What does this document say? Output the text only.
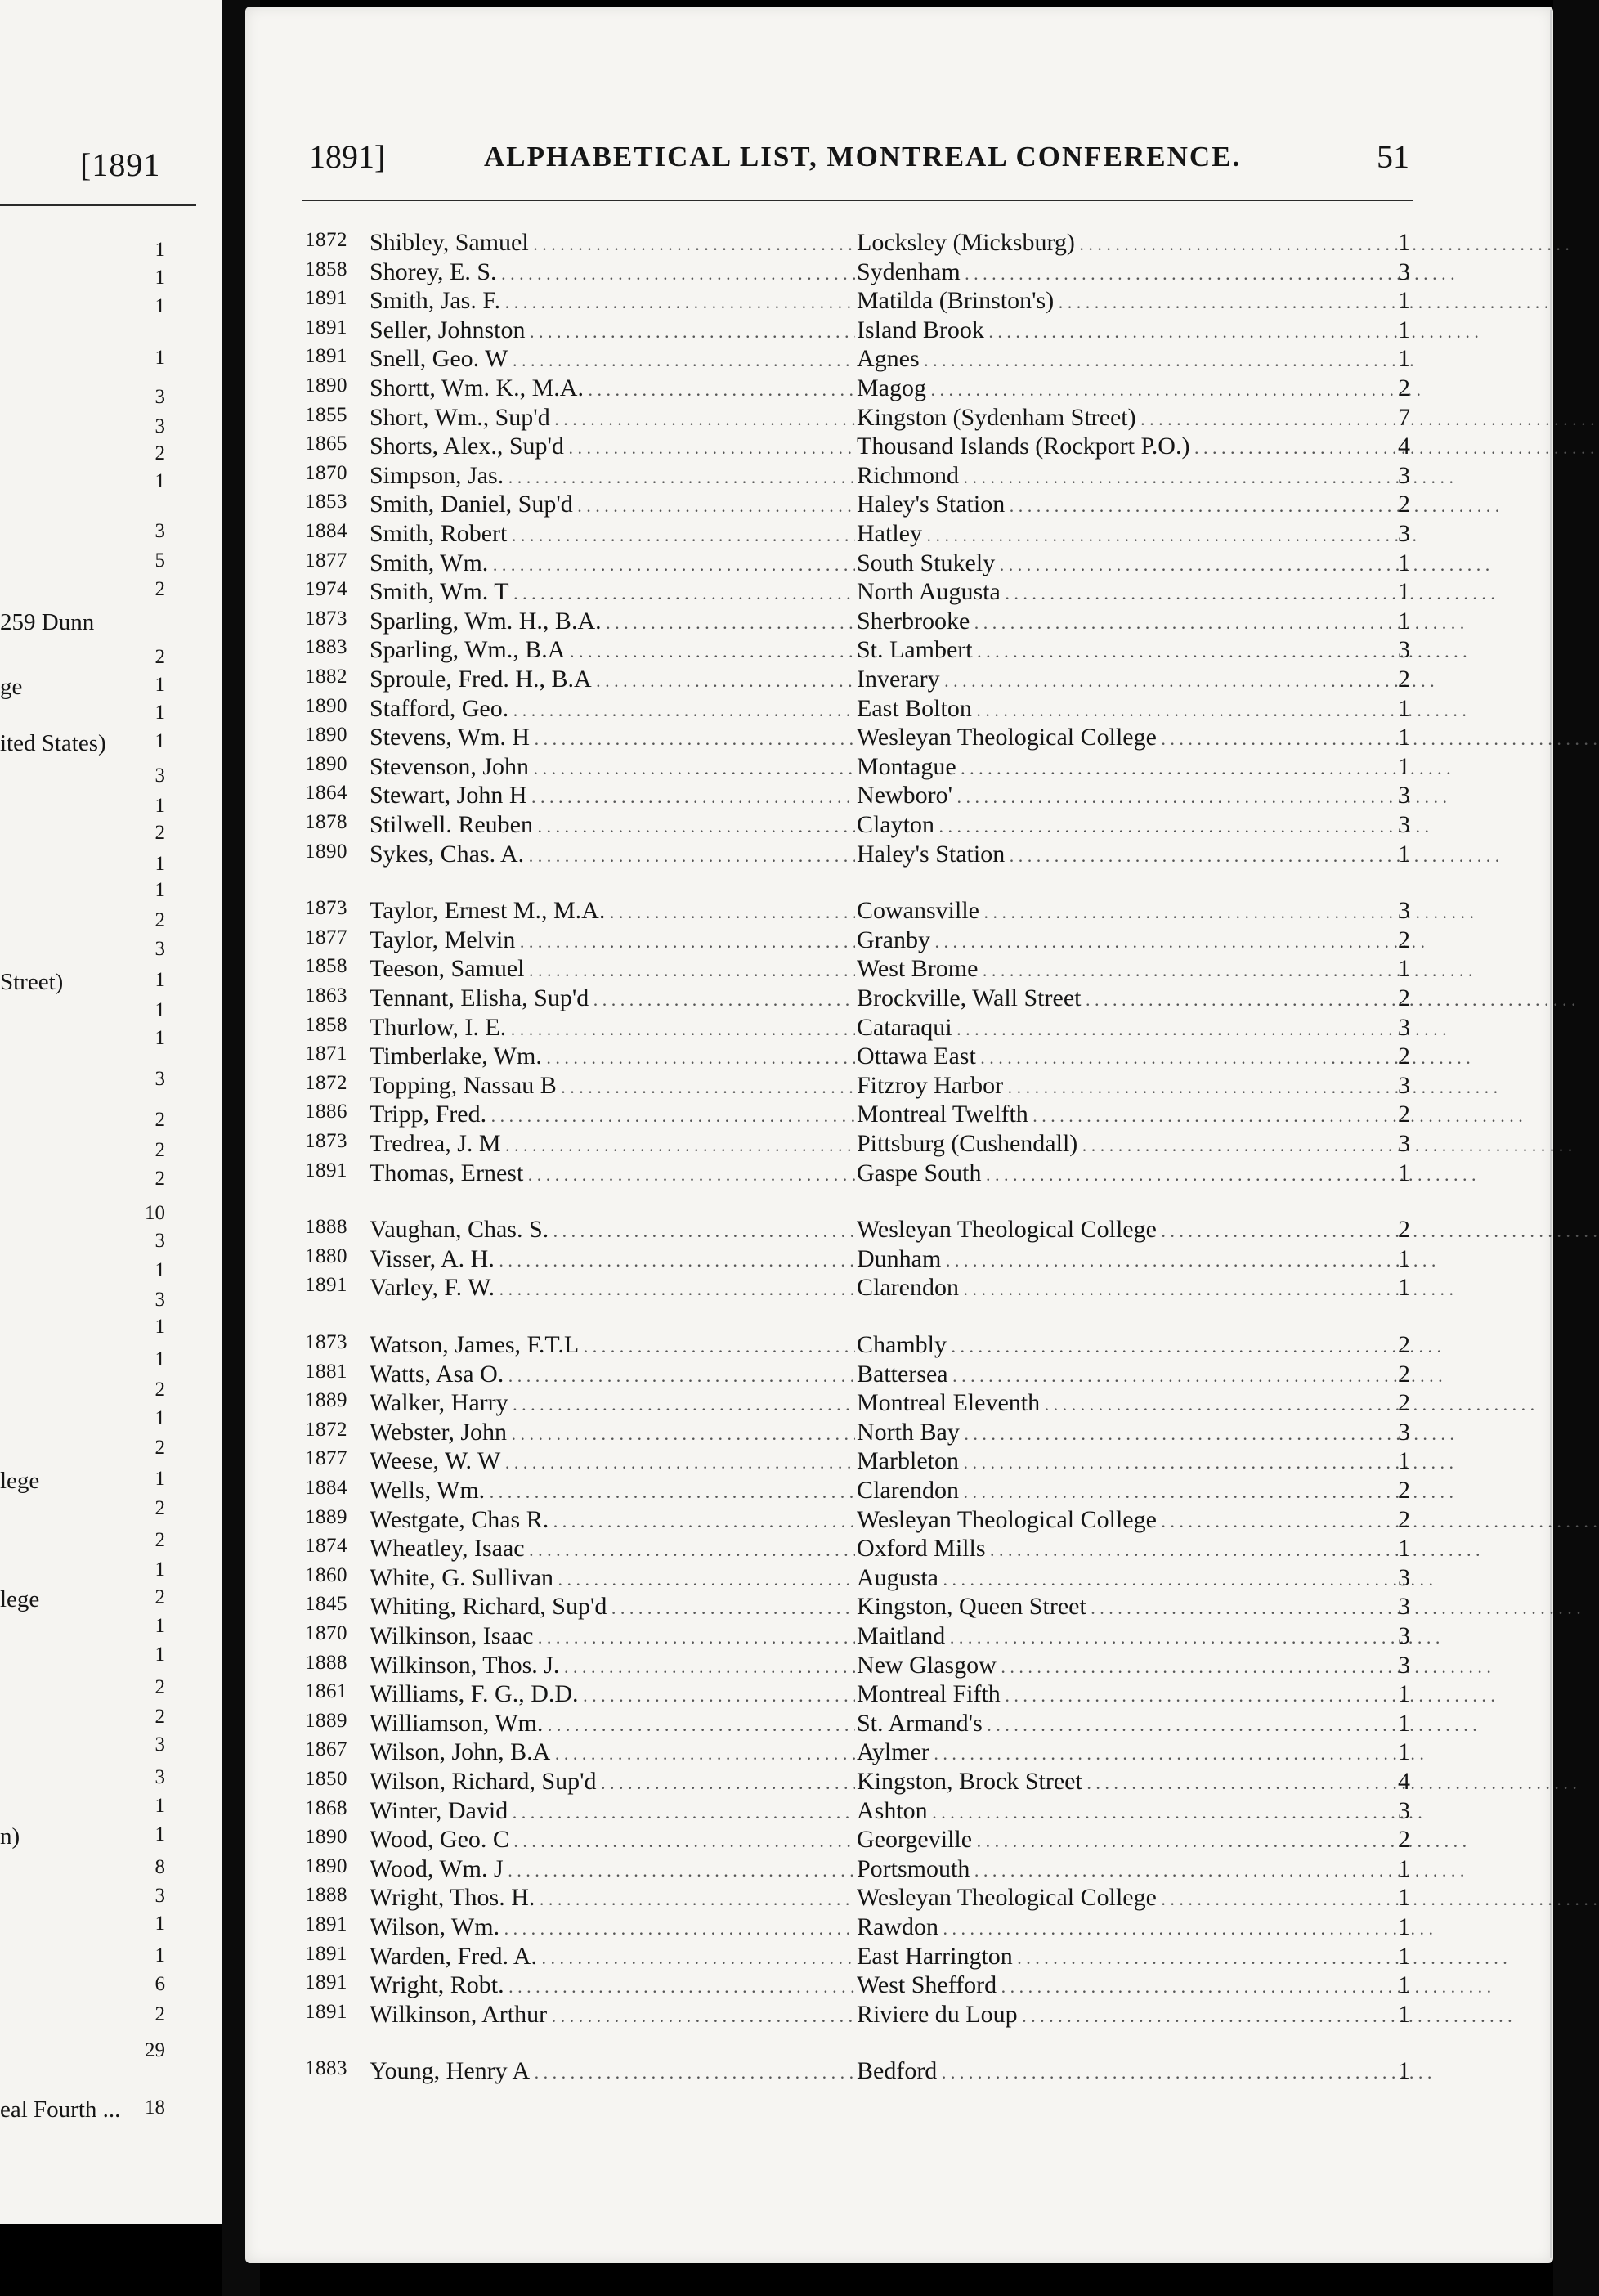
[1891
1
1
1
1
3
3
2
1
3
5
2
259 Dunn
2
ge	1
1
ited States) 1
3
1
2
1
1
2
3
Street)	1
1
1
3
2
2
2
10
3
1
3
1
1
2
1
2
lege	1
2
2
1
lege	2
1
1
2
2
3
3
1
n)	1
8
3
1
1
6
2
29
eal Fourth ... 18
1891]	ALPHABETICAL LIST, MONTREAL CONFERENCE.	51
1872 Shibley, Samuel . . .	Locksley (Micksburg) . . .	1
1858 Shorey, E. S. . . .	Sydenham . . .	3
1891 Smith, Jas. F. . . .	Matilda (Brinston's) . . .	1
1891 Seller, Johnston . . .	Island Brook . . .	1
1891 Snell, Geo. W . . .	Agnes . . .	1
1890 Shortt, Wm. K., M.A. . . .	Magog . . .	2
1855 Short, Wm., Sup'd . . .	Kingston (Sydenham Street) . . .	7
1865 Shorts, Alex., Sup'd . . .	Thousand Islands (Rockport P.O.) . . .	4
1870 Simpson, Jas. . . .	Richmond . . .	3
1853 Smith, Daniel, Sup'd . . .	Haley's Station . . .	2
1884 Smith, Robert . . .	Hatley . . .	3
1877 Smith, Wm. . . .	South Stukely . . .	1
1974 Smith, Wm. T . . .	North Augusta . . .	1
1873 Sparling, Wm. H., B.A. . . .	Sherbrooke . . .	1
1883 Sparling, Wm., B.A . . .	St. Lambert . . .	3
1882 Sproule, Fred. H., B.A . . .	Inverary . . .	2
1890 Stafford, Geo. . . .	East Bolton . . .	1
1890 Stevens, Wm. H . . .	Wesleyan Theological College . . .	1
1890 Stevenson, John . . .	Montague . . .	1
1864 Stewart, John H . . .	Newboro' . . .	3
1878 Stilwell. Reuben . . .	Clayton . . .	3
1890 Sykes, Chas. A. . . .	Haley's Station . . .	1
1873 Taylor, Ernest M., M.A. . . .	Cowansville . . .	3
1877 Taylor, Melvin . . .	Granby . . .	2
1858 Teeson, Samuel . . .	West Brome . . .	1
1863 Tennant, Elisha, Sup'd . . .	Brockville, Wall Street . . .	2
1858 Thurlow, I. E. . . .	Cataraqui . . .	3
1871 Timberlake, Wm. . . .	Ottawa East . . .	2
1872 Topping, Nassau B . . .	Fitzroy Harbor . . .	3
1886 Tripp, Fred. . . .	Montreal Twelfth . . .	2
1873 Tredrea, J. M . . .	Pittsburg (Cushendall) . . .	3
1891 Thomas, Ernest . . .	Gaspe South . . .	1
1888 Vaughan, Chas. S. . . .	Wesleyan Theological College . . .	2
1880 Visser, A. H. . . .	Dunham . . .	1
1891 Varley, F. W. . . .	Clarendon . . .	1
1873 Watson, James, F.T.L . . .	Chambly . . .	2
1881 Watts, Asa O. . . .	Battersea . . .	2
1889 Walker, Harry . . .	Montreal Eleventh . . .	2
1872 Webster, John . . .	North Bay . . .	3
1877 Weese, W. W . . .	Marbleton . . .	1
1884 Wells, Wm. . . .	Clarendon . . .	2
1889 Westgate, Chas R. . . .	Wesleyan Theological College . . .	2
1874 Wheatley, Isaac . . .	Oxford Mills . . .	1
1860 White, G. Sullivan . . .	Augusta . . .	3
1845 Whiting, Richard, Sup'd . . .	Kingston, Queen Street . . .	3
1870 Wilkinson, Isaac . . .	Maitland . . .	3
1888 Wilkinson, Thos. J. . . .	New Glasgow . . .	3
1861 Williams, F. G., D.D. . . .	Montreal Fifth . . .	1
1889 Williamson, Wm. . . .	St. Armand's . . .	1
1867 Wilson, John, B.A . . .	Aylmer . . .	1
1850 Wilson, Richard, Sup'd . . .	Kingston, Brock Street . . .	4
1868 Winter, David . . .	Ashton . . .	3
1890 Wood, Geo. C . . .	Georgeville . . .	2
1890 Wood, Wm. J . . .	Portsmouth . . .	1
1888 Wright, Thos. H. . . .	Wesleyan Theological College . . .	1
1891 Wilson, Wm. . . .	Rawdon . . .	1
1891 Warden, Fred. A. . . .	East Harrington . . .	1
1891 Wright, Robt. . . .	West Shefford . . .	1
1891 Wilkinson, Arthur . . .	Riviere du Loup . . .	1
1883 Young, Henry A . . .	Bedford . . .	1
